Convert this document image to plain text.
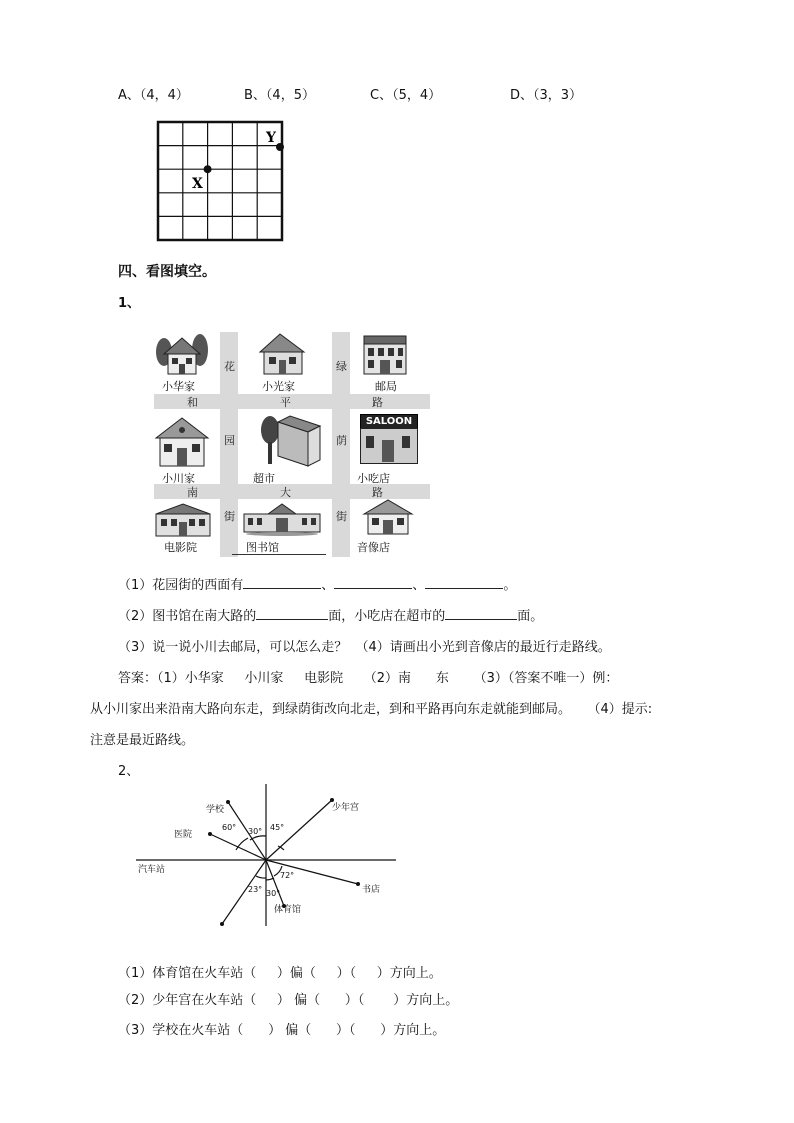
A、（4，4）	B、（4，5）	C、（5，4）	D、（3，3）
X
Y
四、看图填空。
1、
花
园
街
绿
荫
街
和	平	路
南	大	路
小华家	小光家	邮局
小川家	超市
SALOON
小吃店
电影院	图书馆	音像店
（1）花园街的西面有	、	、	。
（2）图书馆在南大路的	面，小吃店在超市的	面。
（3）说一说小川去邮局，可以怎么走？  （4）请画出小光到音像店的最近行走路线。
答案：（1）小华家     小川家     电影院     （2）南      东      （3）（答案不唯一）例：
从小川家出来沿南大路向东走，到绿荫街改向北走，到和平路再向东走就能到邮局。    （4）提示:
注意是最近路线。
2、
学校
医院
汽车站
少年宫
书店
体育馆
60° 30° 45°
72°
23° 30°
（1）体育馆在火车站（     ）偏（     ）（     ）方向上。
（2）少年宫在火车站（     ） 偏（      ）（       ）方向上。
（3）学校在火车站（      ） 偏（      ）（      ）方向上。
